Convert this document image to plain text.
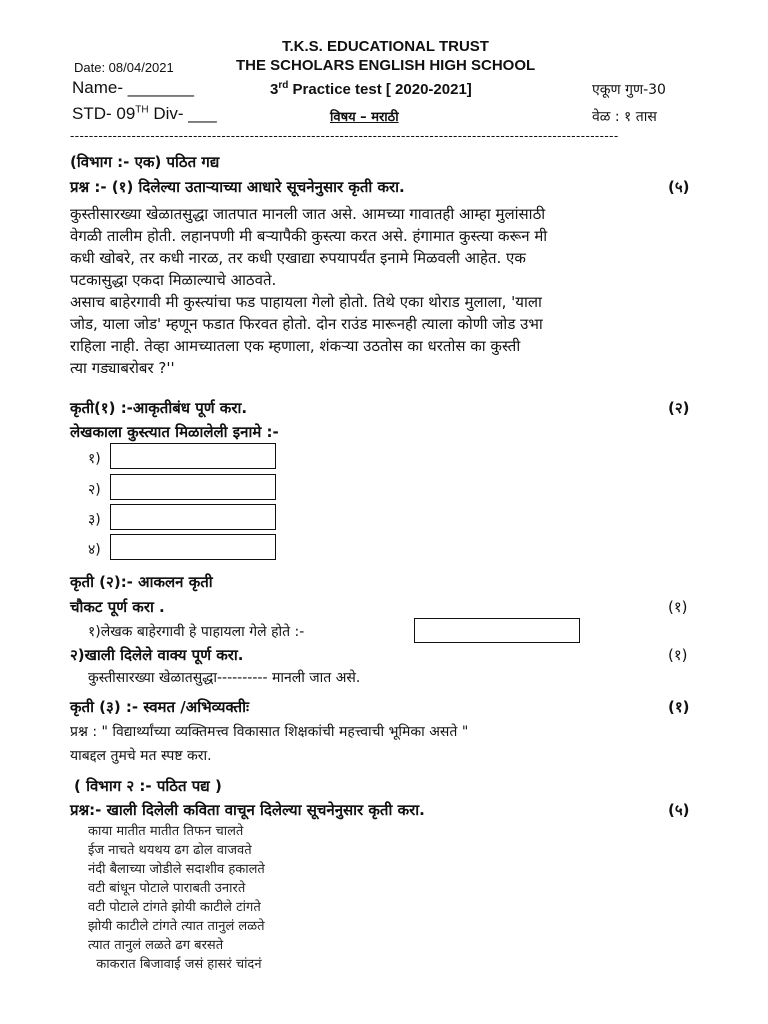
T.K.S. EDUCATIONAL TRUST
Date: 08/04/2021	THE SCHOLARS ENGLISH HIGH SCHOOL
Name- _______	3rd Practice test [ 2020-2021]	एकूण गुण-30
STD- 09TH Div- ___	विषय – मराठी	वेळ : १ तास
--------------------------------------------------------------------------------------------------------------------
(विभाग :- एक) पठित गद्य
प्रश्न :- (१) दिलेल्या उताऱ्याच्या आधारे सूचनेनुसार कृती करा.	(५)

कुस्तीसारख्या खेळातसुद्धा जातपात मानली जात असे. आमच्या गावातही आम्हा मुलांसाठी

वेगळी तालीम होती. लहानपणी मी बऱ्यापैकी कुस्त्या करत असे. हंगामात कुस्त्या करून मी

कधी खोबरे, तर कधी नारळ, तर कधी एखाद्या रुपयापर्यंत इनामे मिळवली आहेत. एक

पटकासुद्धा एकदा मिळाल्याचे आठवते.

असाच बाहेरगावी मी कुस्त्यांचा फड पाहायला गेलो होतो. तिथे एका थोराड मुलाला, 'याला

जोड, याला जोड' म्हणून फडात फिरवत होतो. दोन राउंड मारूनही त्याला कोणी जोड उभा

राहिला नाही. तेव्हा आमच्यातला एक म्हणाला, शंकऱ्या उठतोस का धरतोस का कुस्ती

त्या गड्याबरोबर ?''

कृती(१) :-आकृतीबंध पूर्ण करा.	(२)
लेखकाला कुस्त्यात मिळालेली इनामे :-
१)
२)
३)
४)
कृती (२):- आकलन कृती
चौकट पूर्ण करा .	(१)
१)लेखक बाहेरगावी हे पाहायला गेले होते :-
२)खाली दिलेले वाक्य पूर्ण करा.	(१)
कुस्तीसारख्या खेळातसुद्धा---------- मानली जात असे.
कृती (३) :- स्वमत /अभिव्यक्तीः	(१)
प्रश्न : " विद्यार्थ्यांच्या व्यक्तिमत्त्व विकासात शिक्षकांची महत्त्वाची भूमिका असते "
याबद्दल तुमचे मत स्पष्ट करा.
( विभाग २ :- पठित पद्य )
प्रश्न:- खाली दिलेली कविता वाचून दिलेल्या सूचनेनुसार कृती करा.	(५)
काया मातीत मातीत तिफन चालते
ईज नाचते थयथय ढग ढोल वाजवते
नंदी बैलाच्या जोडीले सदाशीव हकालते
वटी बांधून पोटाले पाराबती उनारते
वटी पोटाले टांगते झोयी काटीले टांगते
झोयी काटीले टांगते त्यात तानुलं लळते
त्यात तानुलं लळते ढग बरसते
काकरात बिजावाई जसं हासरं चांदनं
